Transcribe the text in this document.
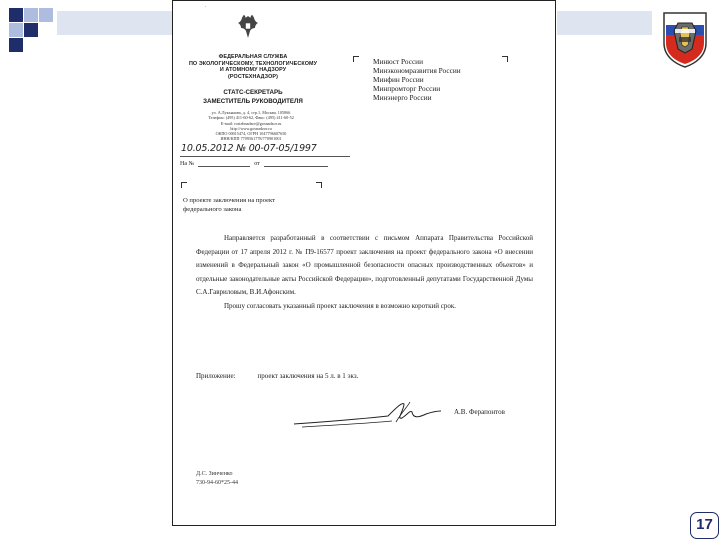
.
ФЕДЕРАЛЬНАЯ СЛУЖБА
ПО ЭКОЛОГИЧЕСКОМУ, ТЕХНОЛОГИЧЕСКОМУ
И АТОМНОМУ НАДЗОРУ
(РОСТЕХНАДЗОР)
СТАТС-СЕКРЕТАРЬ
ЗАМЕСТИТЕЛЬ РУКОВОДИТЕЛЯ
ул. А.Лукьянова, д. 4, стр.1, Москва, 105066
Телефон: (495) 411-60-62, Факс: (495) 411-60-52
E-mail: rostehnadzor@gosnadzor.ru
http://www.gosnadzor.ru
ОКПО 00015474, ОГРН 1047796607650
ИНН/КПП 7709561778/770901001
10.05.2012 № 00-07-05/1997
На №	от
Минюст России
Минэкономразвития России
Минфин России
Минпромторг России
Минэнерго России
О проекте заключения на проект
федерального закона

Направляется разработанный в соответствии с письмом Аппарата Правительства Российской Федерации от 17 апреля 2012 г. № П9-16577 проект заключения на проект федерального закона «О внесении изменений в Федеральный закон «О промышленной безопасности опасных производственных объектов» и отдельные законодательные акты Российской Федерации», подготовленный депутатами Государственной Думы С.А.Гавриловым, В.И.Афонским.

Прошу согласовать указанный проект заключения в возможно короткий срок.

Приложение:	проект заключения на 5 л. в 1 экз.
А.В. Ферапонтов
Д.С. Зинченко
730-94-60*25-44
17
